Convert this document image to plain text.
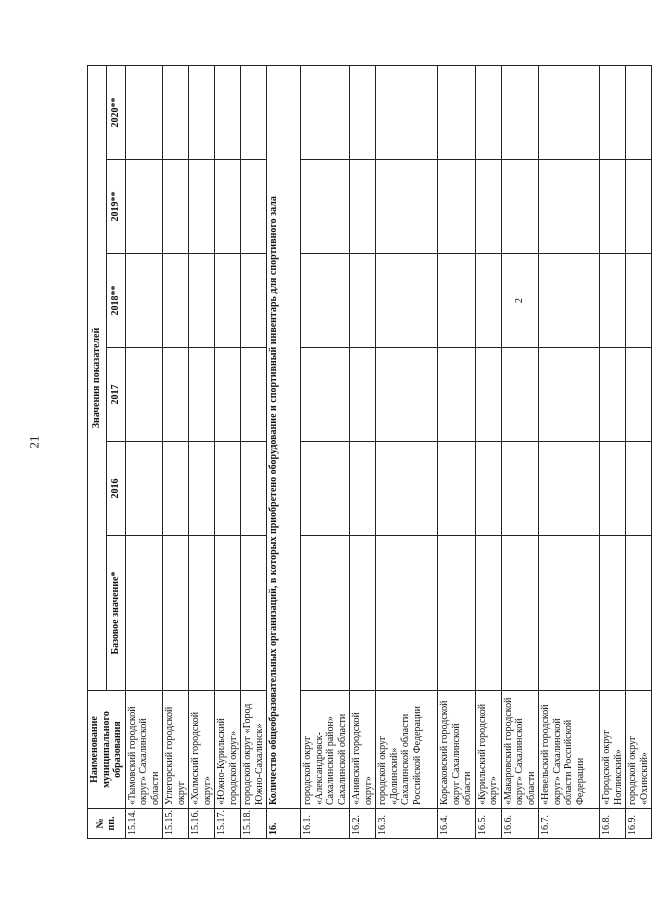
21
№ пп.	Наименование муниципального образования	Значения показателей					
		Базовое значение*	2016	2017	2018**	2019**	2020**
15.14.	«Тымовский городской округ» Сахалинской области						
15.15.	Углегорский городской округ						
15.16.	«Холмский городской округ»						
15.17.	«Южно-Курильский городской округ»						
15.18.	городской округ «Город Южно-Сахалинск»						
16.	Количество общеобразовательных организаций, в которых приобретено оборудование и спортивный инвентарь для спортивного зала						
16.1.	городской округ «Александровск-Сахалинский район» Сахалинской области						
16.2.	«Анивский городской округ»						
16.3.	городской округ «Долинский» Сахалинской области Российской Федерации						
16.4.	Корсаковский городской округ Сахалинской области						
16.5.	«Курильский городской округ»						
16.6.	«Макаровский городской округ» Сахалинской области				2		
16.7.	«Невельский городской округ» Сахалинской области Российской Федерации						
16.8.	«Городской округ Ногликский»						
16.9.	городской округ «Охинский»						
